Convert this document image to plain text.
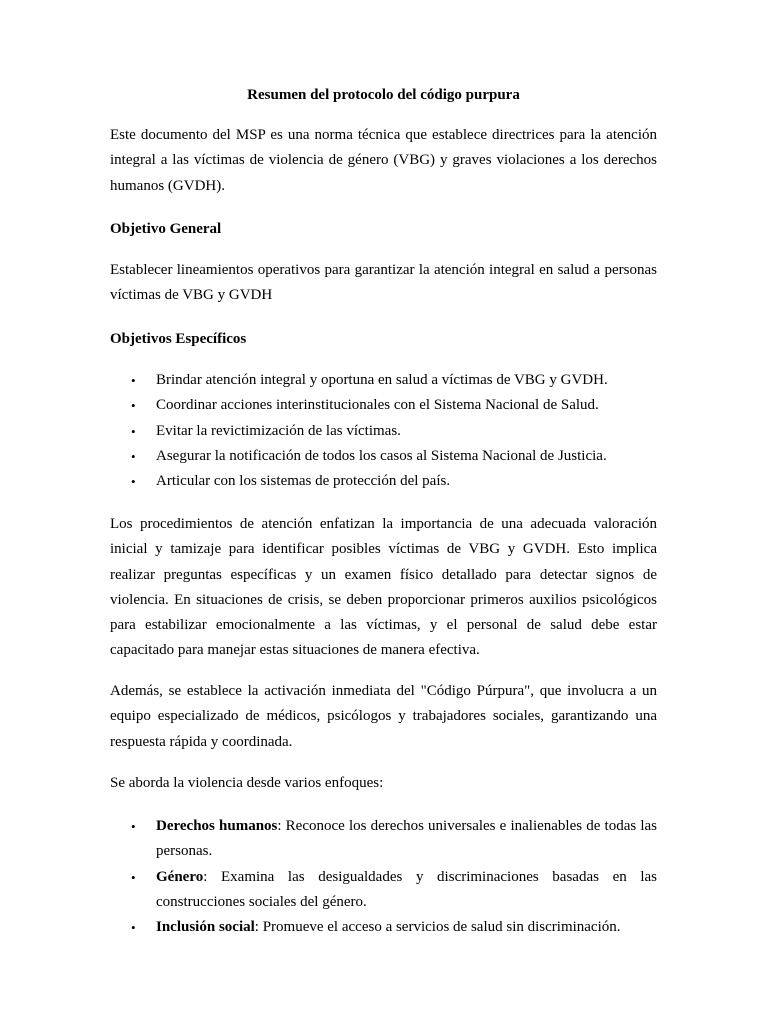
Resumen del protocolo del código purpura

Este documento del MSP es una norma técnica que establece directrices para la atención integral a las víctimas de violencia de género (VBG) y graves violaciones a los derechos humanos (GVDH).

Objetivo General

Establecer lineamientos operativos para garantizar la atención integral en salud a personas víctimas de VBG y GVDH

Objetivos Específicos

• Brindar atención integral y oportuna en salud a víctimas de VBG y GVDH.
• Coordinar acciones interinstitucionales con el Sistema Nacional de Salud.
• Evitar la revictimización de las víctimas.
• Asegurar la notificación de todos los casos al Sistema Nacional de Justicia.
• Articular con los sistemas de protección del país.

Los procedimientos de atención enfatizan la importancia de una adecuada valoración inicial y tamizaje para identificar posibles víctimas de VBG y GVDH. Esto implica realizar preguntas específicas y un examen físico detallado para detectar signos de violencia. En situaciones de crisis, se deben proporcionar primeros auxilios psicológicos para estabilizar emocionalmente a las víctimas, y el personal de salud debe estar capacitado para manejar estas situaciones de manera efectiva.

Además, se establece la activación inmediata del "Código Púrpura", que involucra a un equipo especializado de médicos, psicólogos y trabajadores sociales, garantizando una respuesta rápida y coordinada.

Se aborda la violencia desde varios enfoques:

• Derechos humanos: Reconoce los derechos universales e inalienables de todas las personas.
• Género: Examina las desigualdades y discriminaciones basadas en las construcciones sociales del género.
• Inclusión social: Promueve el acceso a servicios de salud sin discriminación.
